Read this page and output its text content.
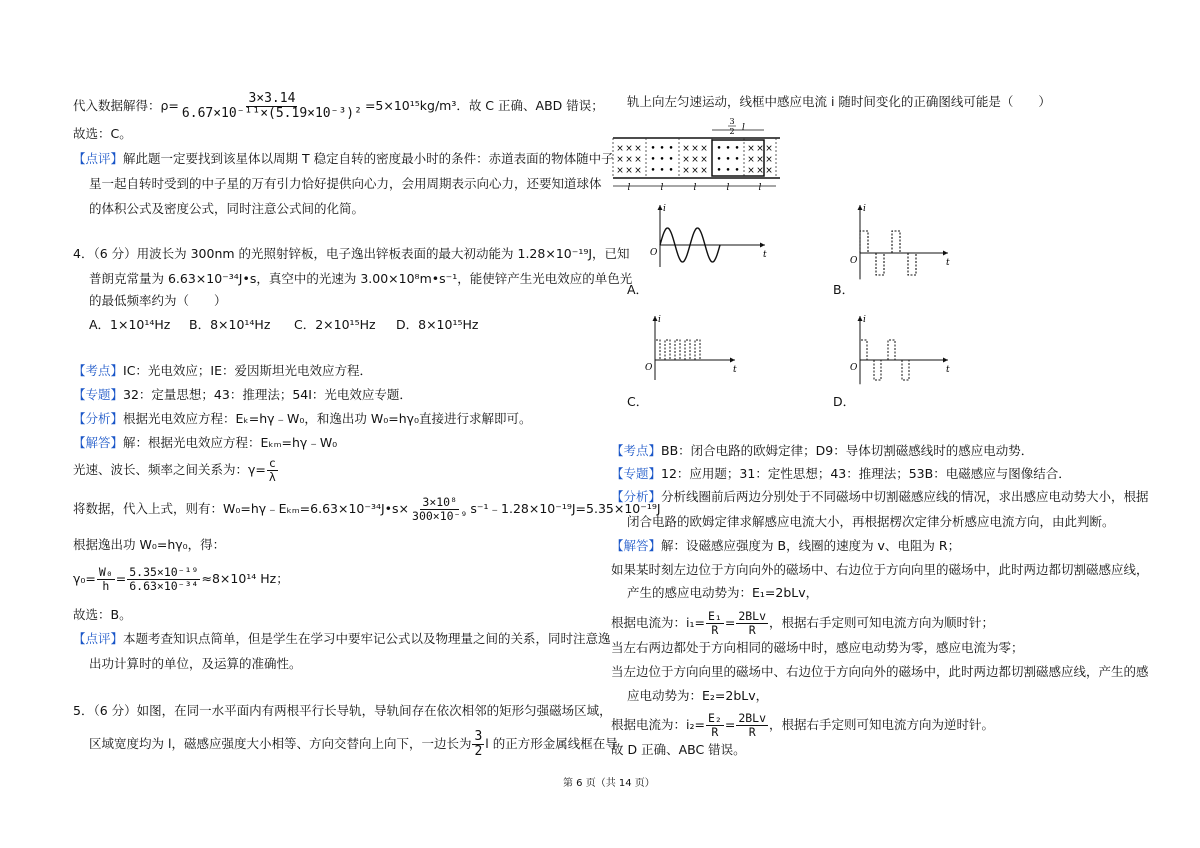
代入数据解得：$\rho= \frac{3\times 3.14}{\text{6.67×10⁻¹¹×(5.19×10⁻³)²}} =5\times 10^{15}kg/m^3$．故 C 正确、ABD 错误；
故选：C。
【点评】解此题一定要找到该星体以周期 T 稳定自转的密度最小时的条件：赤道表面的物体随中子
星一起自转时受到的中子星的万有引力恰好提供向心力，会用周期表示向心力，还要知道球体
的体积公式及密度公式，同时注意公式间的化简。
4．（6 分）用波长为 300nm 的光照射锌板，电子逸出锌板表面的最大初动能为 1.28×10⁻¹⁹J，已知
普朗克常量为 6.63×10⁻³⁴J•s，真空中的光速为 3.00×10⁸m•s⁻¹，能使锌产生光电效应的单色光
的最低频率约为（　　）
A．1×10¹⁴Hz B．8×10¹⁴Hz C．2×10¹⁵Hz D．8×10¹⁵Hz
【考点】IC：光电效应；IE：爱因斯坦光电效应方程．
【专题】32：定量思想；43：推理法；54I：光电效应专题．
【分析】根据光电效应方程：Eₖ=hγ﹣W₀，和逸出功 W₀=hγ₀直接进行求解即可。
【解答】解：根据光电效应方程：Eₖₘ=hγ﹣W₀
光速、波长、频率之间关系为：$\gamma= \frac{c}{\lambda}$
将数据，代入上式，则有：W₀=hγ﹣Eₖₘ=6.63×10⁻³⁴J•s× $\frac{\text{3×10⁸}}{\text{300×10⁻⁹}}$ s⁻¹﹣1.28×10⁻¹⁹J=5.35×10⁻¹⁹J
根据逸出功 W₀=hγ₀，得：
$\gamma_0= \frac{\text{W₀}}{h} = \frac{\text{5.35×10⁻¹⁹}}{\text{6.63×10⁻³⁴}} \approx 8\times 10^{14}$ Hz；
故选：B。
【点评】本题考查知识点简单，但是学生在学习中要牢记公式以及物理量之间的关系，同时注意逸
出功计算时的单位，及运算的准确性。
5．（6 分）如图，在同一水平面内有两根平行长导轨，导轨间存在依次相邻的矩形匀强磁场区域，
区域宽度均为 l，磁感应强度大小相等、方向交替向上向下，一边长为 $\frac{3}{2}$ l 的正方形金属线框在导
轨上向左匀速运动，线框中感应电流 i 随时间变化的正确图线可能是（　　）
× × ×
× × ×
× × ×
• • •
• • •
• • •
× × ×
× × ×
× × ×
• • •
• • •
• • •
× × ×
× × ×
× × ×
3
2 l
l	l	l	l	l
i
t
O
i
t
O
i
t
O
i
t
O
A．	B．
C．	D．
【考点】BB：闭合电路的欧姆定律；D9：导体切割磁感线时的感应电动势．
【专题】12：应用题；31：定性思想；43：推理法；53B：电磁感应与图像结合．
【分析】分析线圈前后两边分别处于不同磁场中切割磁感应线的情况，求出感应电动势大小，根据
闭合电路的欧姆定律求解感应电流大小，再根据楞次定律分析感应电流方向，由此判断。
【解答】解：设磁感应强度为 B，线圈的速度为 v、电阻为 R；
如果某时刻左边位于方向向外的磁场中、右边位于方向向里的磁场中，此时两边都切割磁感应线，
产生的感应电动势为：E₁=2bLv，
根据电流为：$i_1= \frac{\text{E₁}}{R} = \frac{\text{2BLv}}{R}$ ，根据右手定则可知电流方向为顺时针；
当左右两边都处于方向相同的磁场中时，感应电动势为零，感应电流为零；
当左边位于方向向里的磁场中、右边位于方向向外的磁场中，此时两边都切割磁感应线，产生的感
应电动势为：E₂=2bLv，
根据电流为：$i_2= \frac{\text{E₂}}{R} = \frac{\text{2BLv}}{R}$ ，根据右手定则可知电流方向为逆时针。
故 D 正确、ABC 错误。
第 6 页（共 14 页）
